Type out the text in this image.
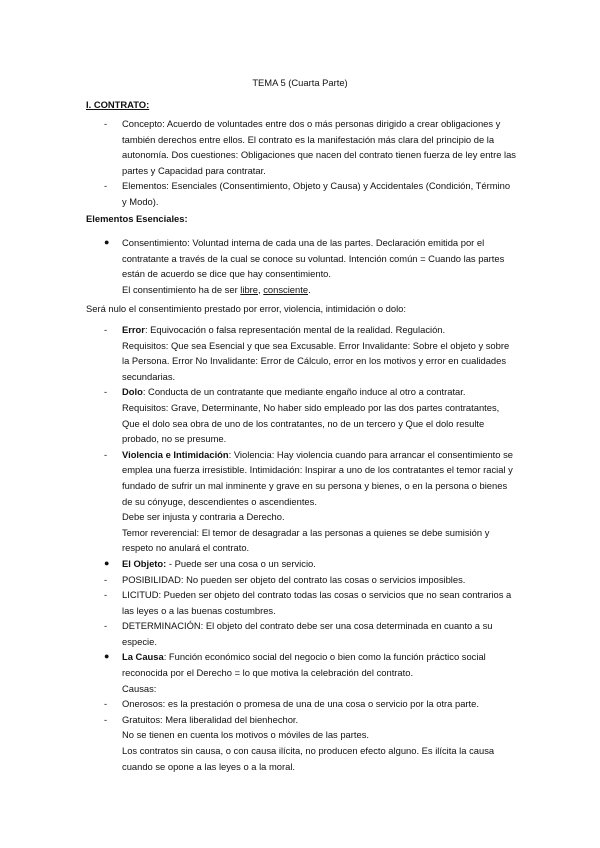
TEMA 5 (Cuarta Parte)
I. CONTRATO:
-	Concepto: Acuerdo de voluntades entre dos o más personas dirigido a crear obligaciones y también derechos entre ellos. El contrato es la manifestación más clara del principio de la autonomía. Dos cuestiones: Obligaciones que nacen del contrato tienen fuerza de ley entre las partes y Capacidad para contratar.
-	Elementos: Esenciales (Consentimiento, Objeto y Causa) y Accidentales (Condición, Término y Modo).
Elementos Esenciales:
●	Consentimiento: Voluntad interna de cada una de las partes. Declaración emitida por el contratante a través de la cual se conoce su voluntad. Intención común = Cuando las partes están de acuerdo se dice que hay consentimiento.
El consentimiento ha de ser libre, consciente.
Será nulo el consentimiento prestado por error, violencia, intimidación o dolo:
-	Error: Equivocación o falsa representación mental de la realidad. Regulación.
Requisitos: Que sea Esencial y que sea Excusable. Error Invalidante: Sobre el objeto y sobre la Persona. Error No Invalidante: Error de Cálculo, error en los motivos y error en cualidades secundarias.
-	Dolo: Conducta de un contratante que mediante engaño induce al otro a contratar.
Requisitos: Grave, Determinante, No haber sido empleado por las dos partes contratantes, Que el dolo sea obra de uno de los contratantes, no de un tercero y Que el dolo resulte probado, no se presume.
-	Violencia e Intimidación: Violencia: Hay violencia cuando para arrancar el consentimiento se emplea una fuerza irresistible. Intimidación: Inspirar a uno de los contratantes el temor racial y fundado de sufrir un mal inminente y grave en su persona y bienes, o en la persona o bienes de su cónyuge, descendientes o ascendientes.
Debe ser injusta y contraria a Derecho.
Temor reverencial: El temor de desagradar a las personas a quienes se debe sumisión y respeto no anulará el contrato.
●	El Objeto: - Puede ser una cosa o un servicio.
-	POSIBILIDAD: No pueden ser objeto del contrato las cosas o servicios imposibles.
-	LICITUD: Pueden ser objeto del contrato todas las cosas o servicios que no sean contrarios a las leyes o a las buenas costumbres.
-	DETERMINACIÓN: El objeto del contrato debe ser una cosa determinada en cuanto a su especie.
●	La Causa: Función económico social del negocio o bien como la función práctico social reconocida por el Derecho = lo que motiva la celebración del contrato.
Causas:
-	Onerosos: es la prestación o promesa de una de una cosa o servicio por la otra parte.
-	Gratuitos: Mera liberalidad del bienhechor.
No se tienen en cuenta los motivos o móviles de las partes.
Los contratos sin causa, o con causa ilícita, no producen efecto alguno. Es ilícita la causa cuando se opone a las leyes o a la moral.
